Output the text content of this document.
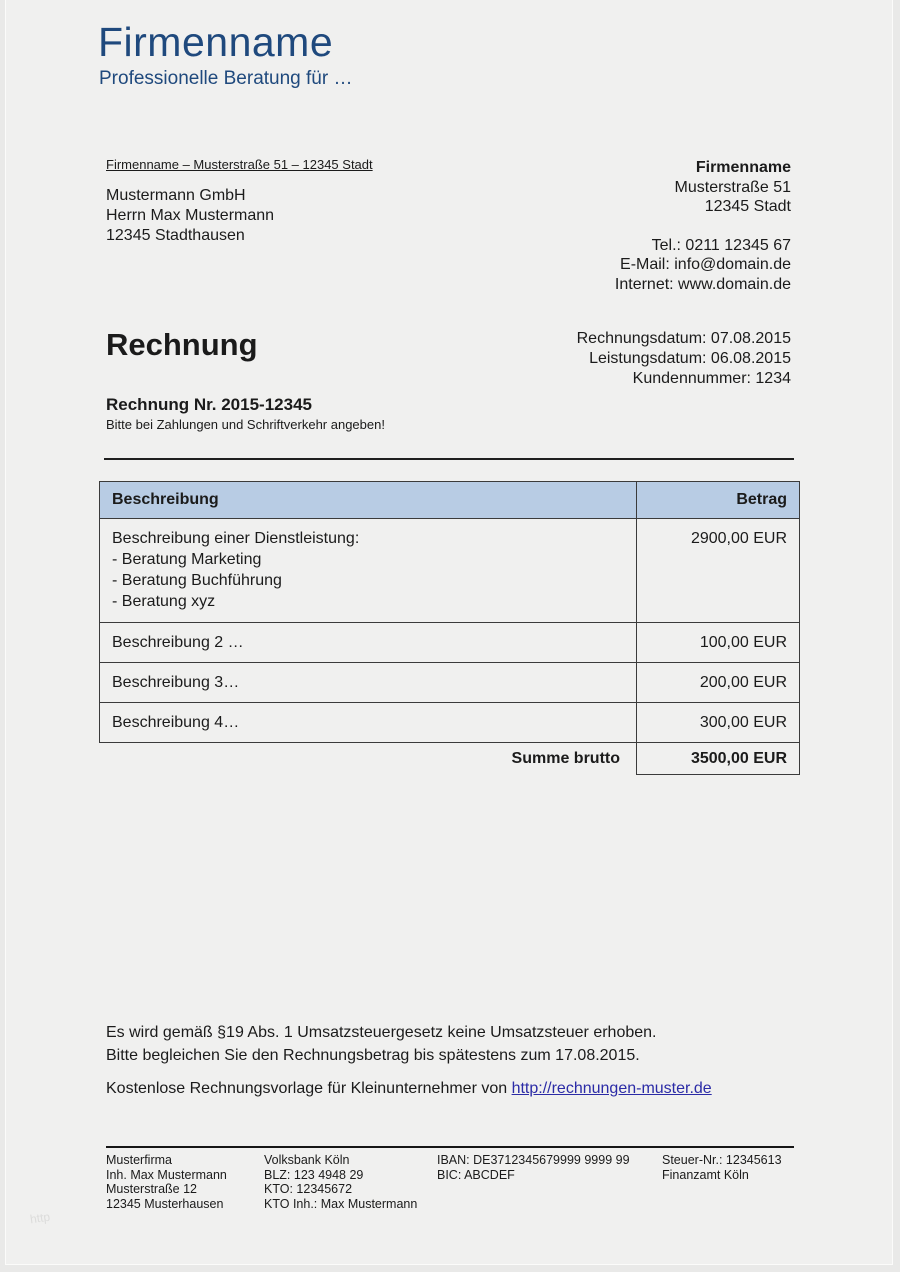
Firmenname
Professionelle Beratung für …
Firmenname – Musterstraße 51 – 12345 Stadt
Mustermann GmbH
Herrn Max Mustermann
12345 Stadthausen
Firmenname
Musterstraße 51
12345 Stadt
Tel.: 0211 12345 67
E-Mail: info@domain.de
Internet: www.domain.de
Rechnung	Rechnungsdatum: 07.08.2015
Leistungsdatum: 06.08.2015
Kundennummer: 1234
Rechnung Nr. 2015-12345
Bitte bei Zahlungen und Schriftverkehr angeben!
Beschreibung	Betrag

Beschreibung einer Dienstleistung:
- Beratung Marketing
- Beratung Buchführung
- Beratung xyz	2900,00 EUR
Beschreibung 2 …	100,00 EUR
Beschreibung 3…	200,00 EUR
Beschreibung 4…	300,00 EUR
Summe brutto	3500,00 EUR
Es wird gemäß §19 Abs. 1 Umsatzsteuergesetz keine Umsatzsteuer erhoben.
Bitte begleichen Sie den Rechnungsbetrag bis spätestens zum 17.08.2015.
Kostenlose Rechnungsvorlage für Kleinunternehmer von http://rechnungen-muster.de
Musterfirma
Inh. Max Mustermann
Musterstraße 12
12345 Musterhausen
Volksbank Köln
BLZ: 123 4948 29
KTO: 12345672
KTO Inh.: Max Mustermann
IBAN: DE3712345679999 9999 99
BIC: ABCDEF
Steuer-Nr.: 12345613
Finanzamt Köln
http
